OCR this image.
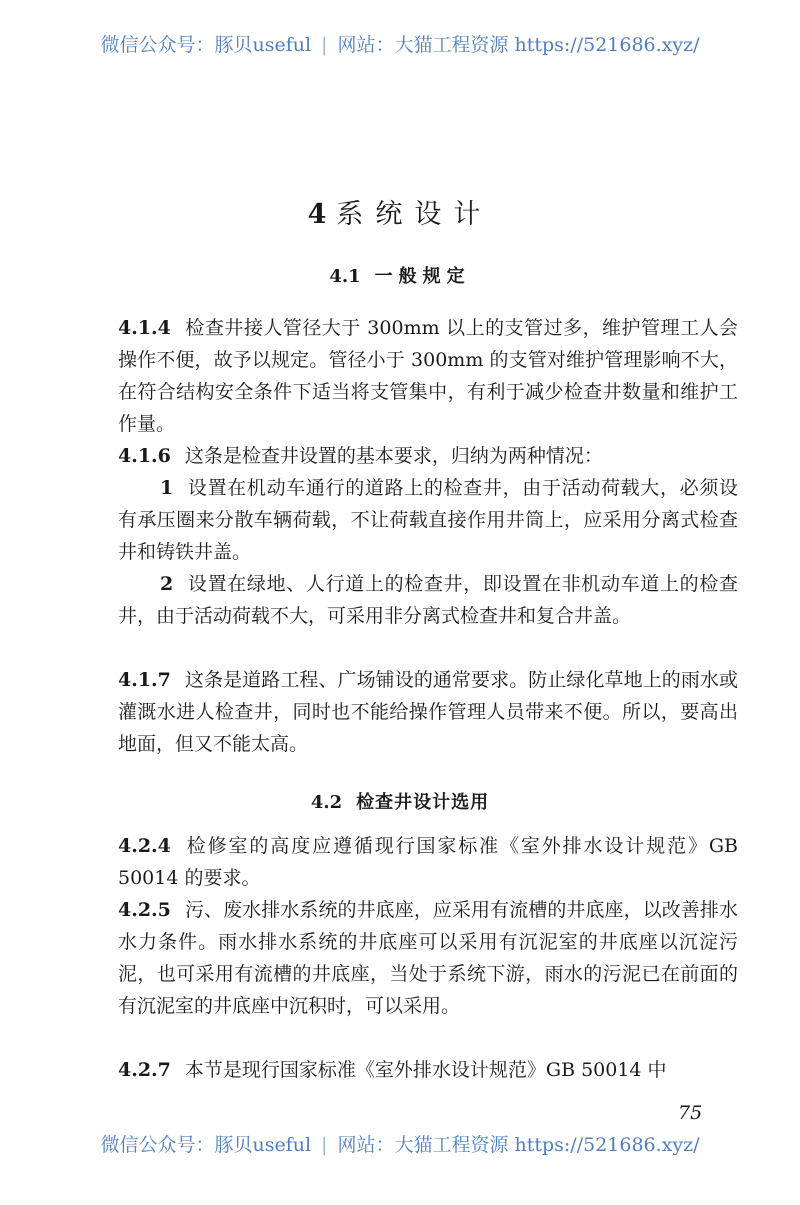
微信公众号：豚贝useful | 网站：大猫工程资源 https://521686.xyz/
4 系统设计
4.1 一般规定

4.1.4 检查井接人管径大于 300mm 以上的支管过多，维护管理工人会操作不便，故予以规定。管径小于 300mm 的支管对维护管理影响不大，在符合结构安全条件下适当将支管集中，有利于减少检查井数量和维护工作量。

4.1.6 这条是检查井设置的基本要求，归纳为两种情况：

1 设置在机动车通行的道路上的检查井，由于活动荷载大，必须设有承压圈来分散车辆荷载，不让荷载直接作用井筒上，应采用分离式检查井和铸铁井盖。

2 设置在绿地、人行道上的检查井，即设置在非机动车道上的检查井，由于活动荷载不大，可采用非分离式检查井和复合井盖。

4.1.7 这条是道路工程、广场铺设的通常要求。防止绿化草地上的雨水或灌溉水进人检查井，同时也不能给操作管理人员带来不便。所以，要高出地面，但又不能太高。

4.2 检查井设计选用

4.2.4 检修室的高度应遵循现行国家标准《室外排水设计规范》GB 50014 的要求。

4.2.5 污、废水排水系统的井底座，应采用有流槽的井底座，以改善排水水力条件。雨水排水系统的井底座可以采用有沉泥室的井底座以沉淀污泥，也可采用有流槽的井底座，当处于系统下游，雨水的污泥已在前面的有沉泥室的井底座中沉积时，可以采用。

4.2.7 本节是现行国家标准《室外排水设计规范》GB 50014 中

75
微信公众号：豚贝useful | 网站：大猫工程资源 https://521686.xyz/
